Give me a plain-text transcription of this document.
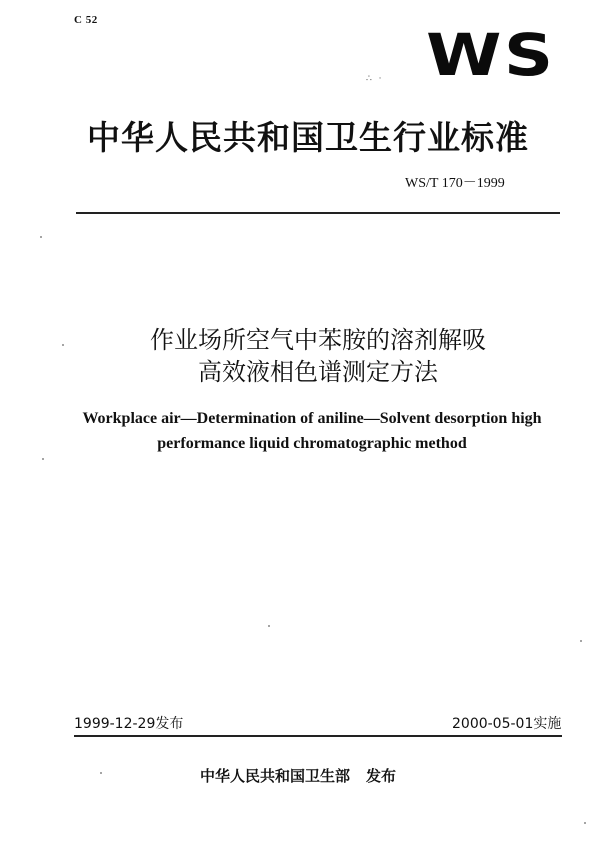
C 52
WS
∴ ·
中华人民共和国卫生行业标准
WS/T 170－1999
作业场所空气中苯胺的溶剂解吸
高效液相色谱测定方法
Workplace air—Determination of aniline—Solvent desorption high
performance liquid chromatographic method
1999-12-29发布	2000-05-01实施
中华人民共和国卫生部 发布
